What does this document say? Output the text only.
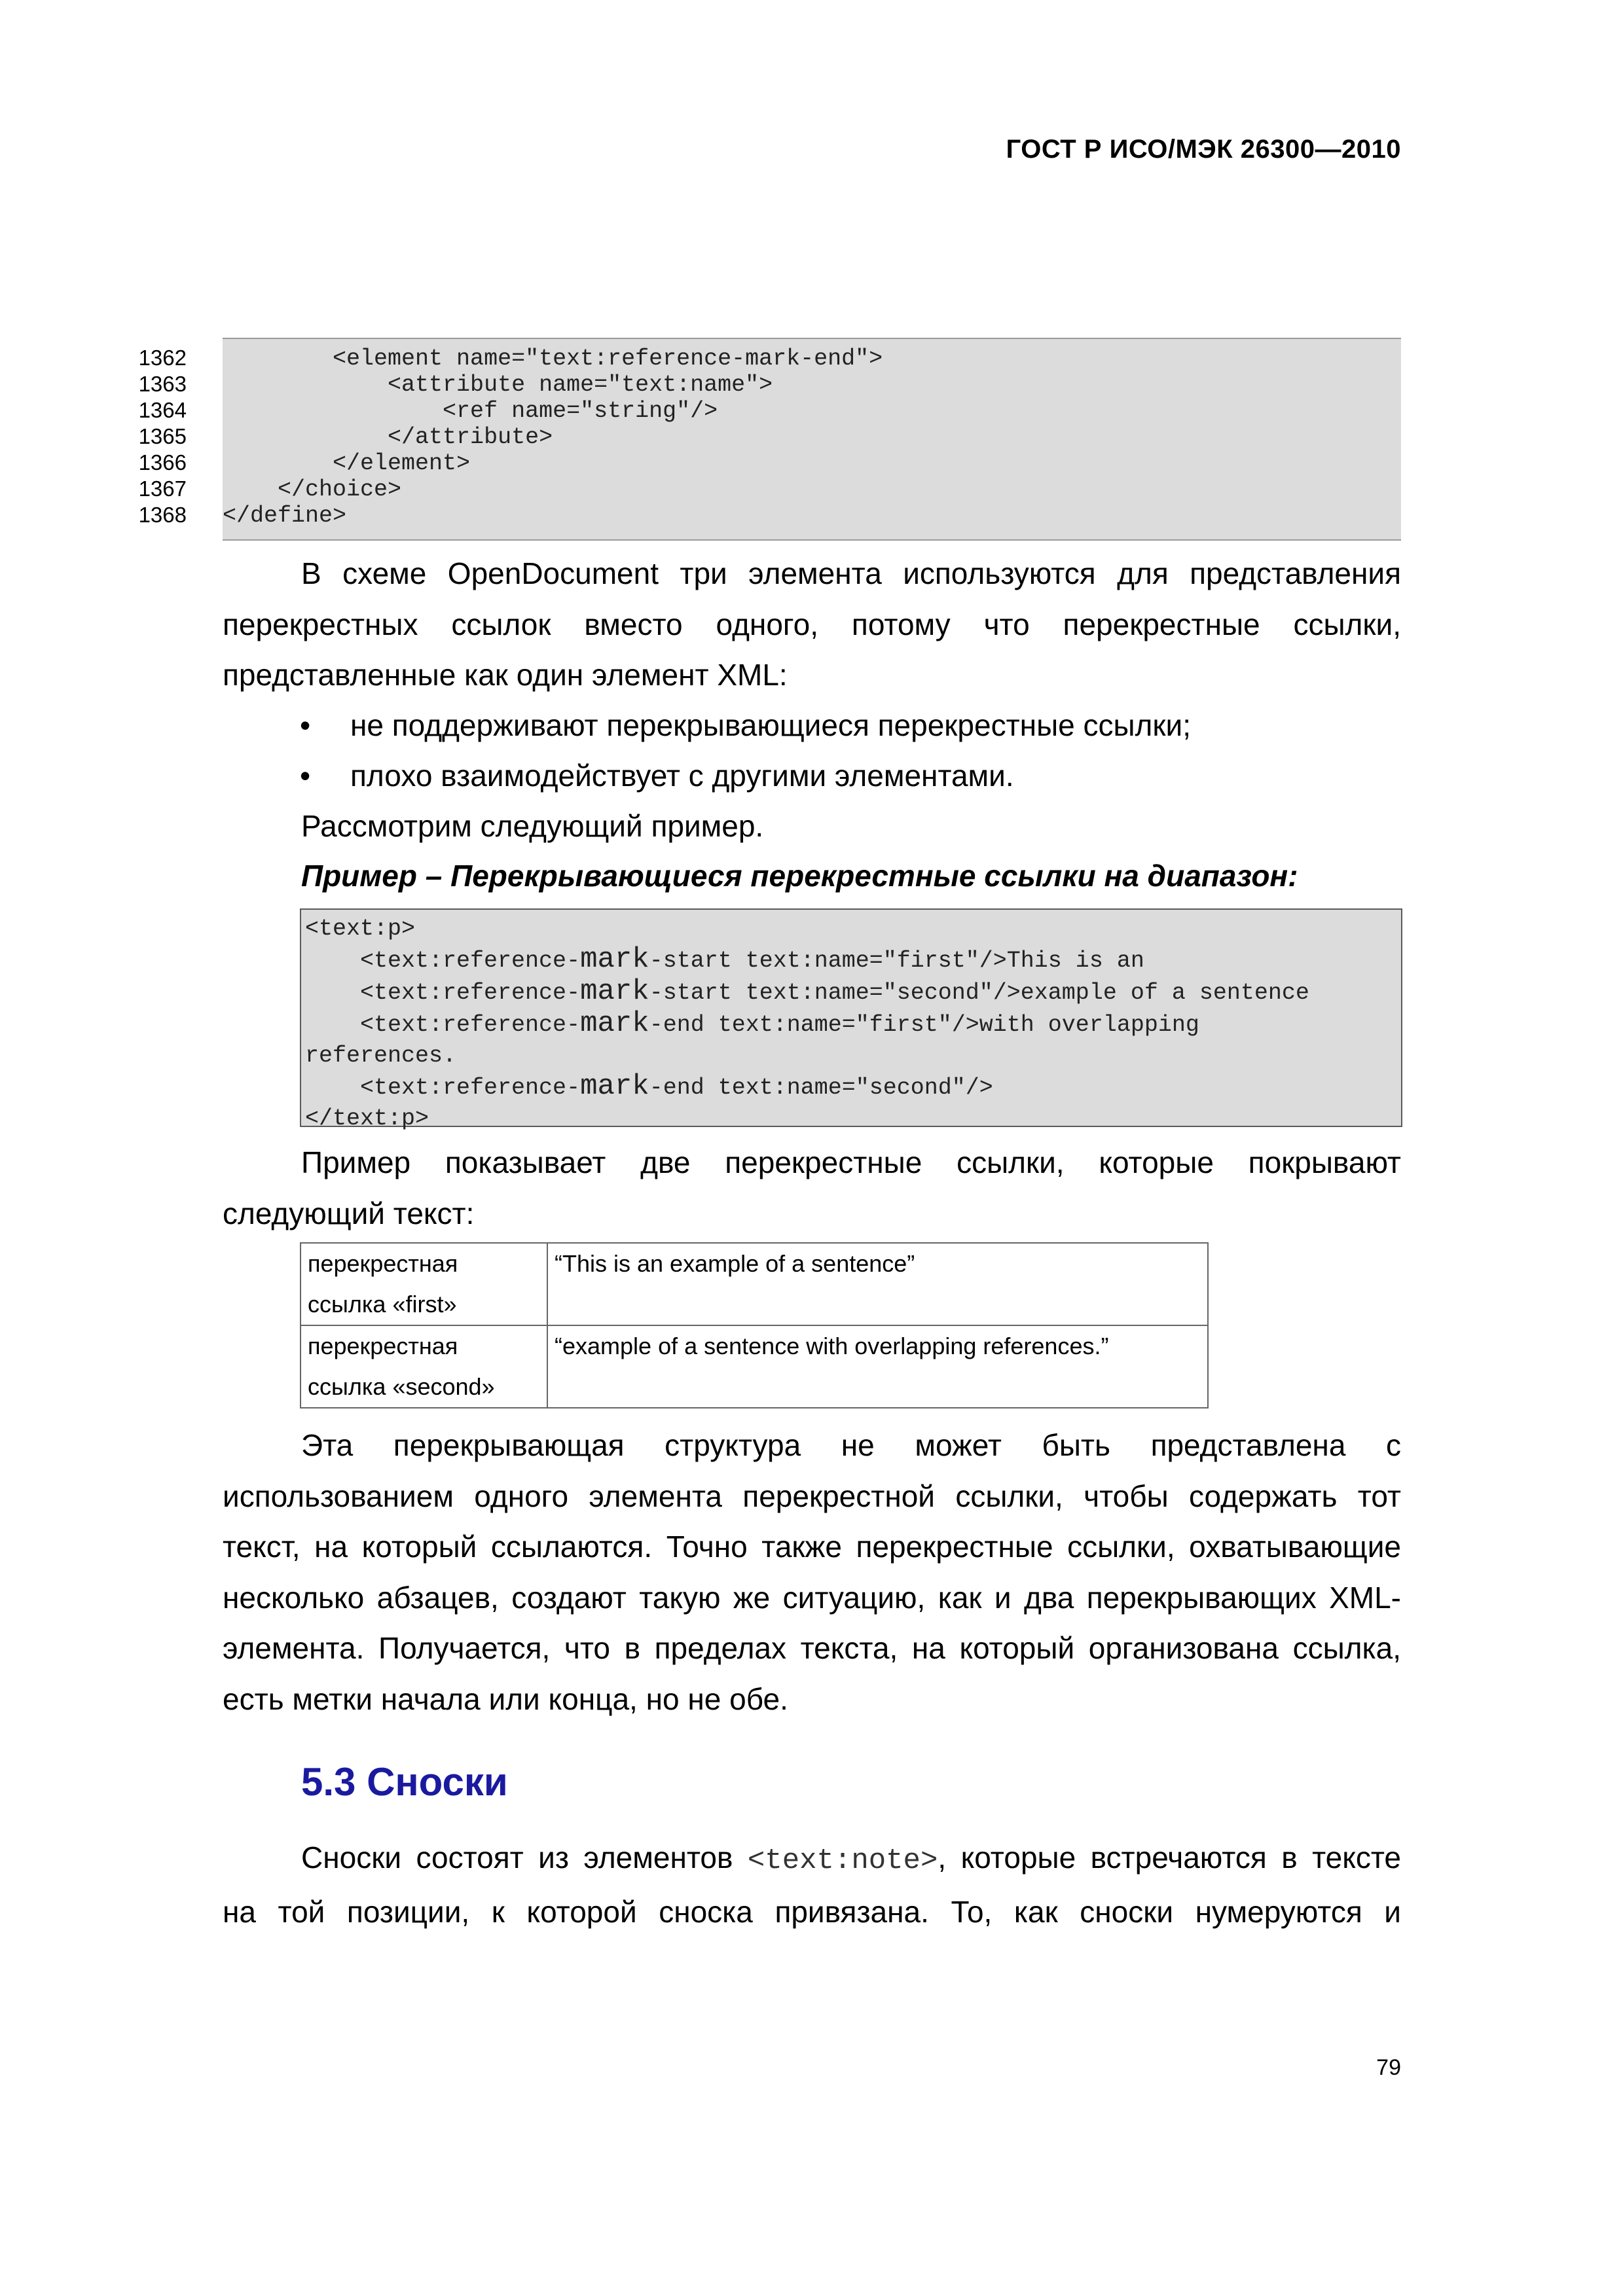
ГОСТ Р ИСО/МЭК 26300—2010
1362
1363
1364
1365
1366
1367
1368
<element name="text:reference-mark-end">
<attribute name="text:name">
<ref name="string"/>
</attribute>
</element>
</choice>
</define>
В схеме OpenDocument три элемента используются для представления
перекрестных ссылок вместо одного, потому что перекрестные ссылки,
представленные как один элемент XML:
•	не поддерживают перекрывающиеся перекрестные ссылки;
•	плохо взаимодействует с другими элементами.
Рассмотрим следующий пример.
Пример – Перекрывающиеся перекрестные ссылки на диапазон:
<text:p>
<text:reference-mark-start text:name="first"/>This is an
<text:reference-mark-start text:name="second"/>example of a sentence
<text:reference-mark-end text:name="first"/>with overlapping
references.
<text:reference-mark-end text:name="second"/>
</text:p>
Пример показывает две перекрестные ссылки, которые покрывают
следующий текст:
перекрестная
ссылка «first»	“This is an example of a sentence”

перекрестная
ссылка «second»	“example of a sentence with overlapping references.”
Эта перекрывающая структура не может быть представлена с
использованием одного элемента перекрестной ссылки, чтобы содержать тот
текст, на который ссылаются. Точно также перекрестные ссылки, охватывающие
несколько абзацев, создают такую же ситуацию, как и два перекрывающих XML-
элемента. Получается, что в пределах текста, на который организована ссылка,
есть метки начала или конца, но не обе.
5.3 Сноски
Сноски состоят из элементов <text:note>, которые встречаются в тексте
на той позиции, к которой сноска привязана. То, как сноски нумеруются и
79
